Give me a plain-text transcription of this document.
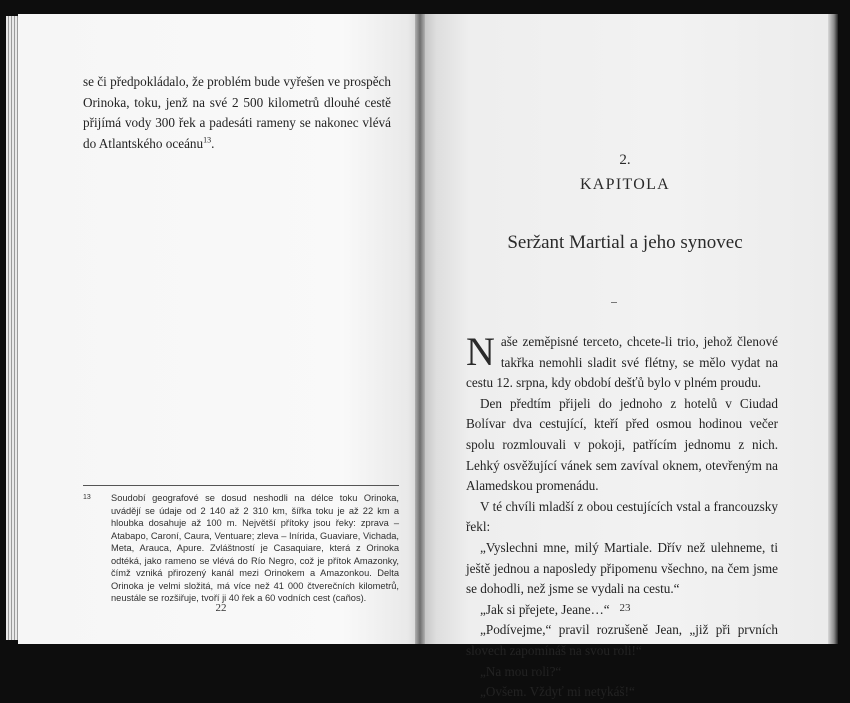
se či předpokládalo, že problém bude vyřešen ve prospěch Orinoka, toku, jenž na své 2 500 kilometrů dlouhé cestě přijímá vody 300 řek a padesáti rameny se nakonec vlévá do Atlantského oceánu$^{13}$.

13 Soudobí geografové se dosud neshodli na délce toku Orinoka, uvádějí se údaje od 2 140 až 2 310 km, šířka toku je až 22 km a hloubka dosahuje až 100 m. Největší přítoky jsou řeky: zprava – Atabapo, Caroní, Caura, Ventuare; zleva – Inírida, Guaviare, Vichada, Meta, Arauca, Apure. Zvláštností je Casaquiare, která z Orinoka odtéká, jako rameno se vlévá do Río Negro, což je přítok Amazonky, čímž vzniká přirozený kanál mezi Orinokem a Amazonkou. Delta Orinoka je velmi složitá, má více než 41 000 čtverečních kilometrů, neustále se rozšiřuje, tvoří ji 40 řek a 60 vodních cest (caños).
22
2.
KAPITOLA
Seržant Martial a jeho synovec

Naše zeměpisné terceto, chcete-li trio, jehož členové takřka nemohli sladit své flétny, se mělo vydat na cestu 12. srpna, kdy období dešťů bylo v plném proudu.

Den předtím přijeli do jednoho z hotelů v Ciudad Bolívar dva cestující, kteří před osmou hodinou večer spolu rozmlouvali v pokoji, patřícím jednomu z nich. Lehký osvěžující vánek sem zavíval oknem, otevřeným na Alamedskou promenádu.

V té chvíli mladší z obou cestujících vstal a francouzsky řekl:

„Vyslechni mne, milý Martiale. Dřív než ulehneme, ti ještě jednou a naposledy připomenu všechno, na čem jsme se dohodli, než jsme se vydali na cestu.“

„Jak si přejete, Jeane…“

„Podívejme,“ pravil rozrušeně Jean, „již při prvních slovech zapomínáš na svou roli!“

„Na mou roli?“

„Ovšem. Vždyť mi netykáš!“

23
